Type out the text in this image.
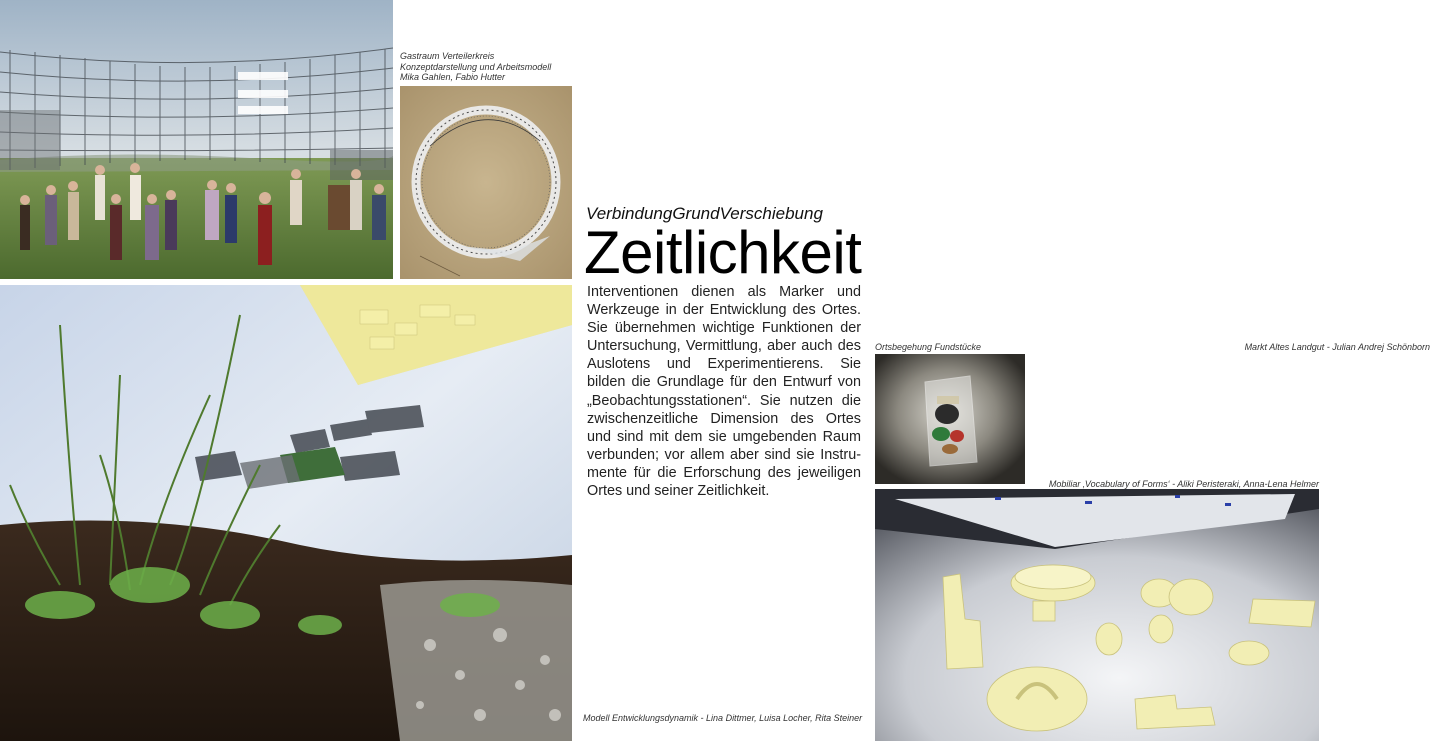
Gastraum Verteilerkreis
Konzeptdarstellung und Arbeitsmodell
Mika Gahlen, Fabio Hutter
VerbindungGrundVerschiebung
Zeitlichkeit
Interventionen dienen als Marker und Werkzeuge in der Entwicklung des Ortes. Sie übernehmen wichtige Funktionen der Untersuchung, Vermittlung, aber auch des Auslotens und Experimentierens. Sie bilden die Grundlage für den Entwurf von „Beobachtungsstationen“. Sie nutzen die zwischenzeitliche Dimension des Ortes und sind mit dem sie umgebenden Raum verbunden; vor allem aber sind sie Instrumente für die Erforschung des jeweiligen Ortes und seiner Zeitlichkeit.
Ortsbegehung Fundstücke	Markt Altes Landgut - Julian Andrej Schönborn
Mobiliar ‚Vocabulary of Forms‘ - Aliki Peristeraki, Anna-Lena Helmer
Modell Entwicklungsdynamik - Lina Dittmer, Luisa Locher, Rita Steiner
